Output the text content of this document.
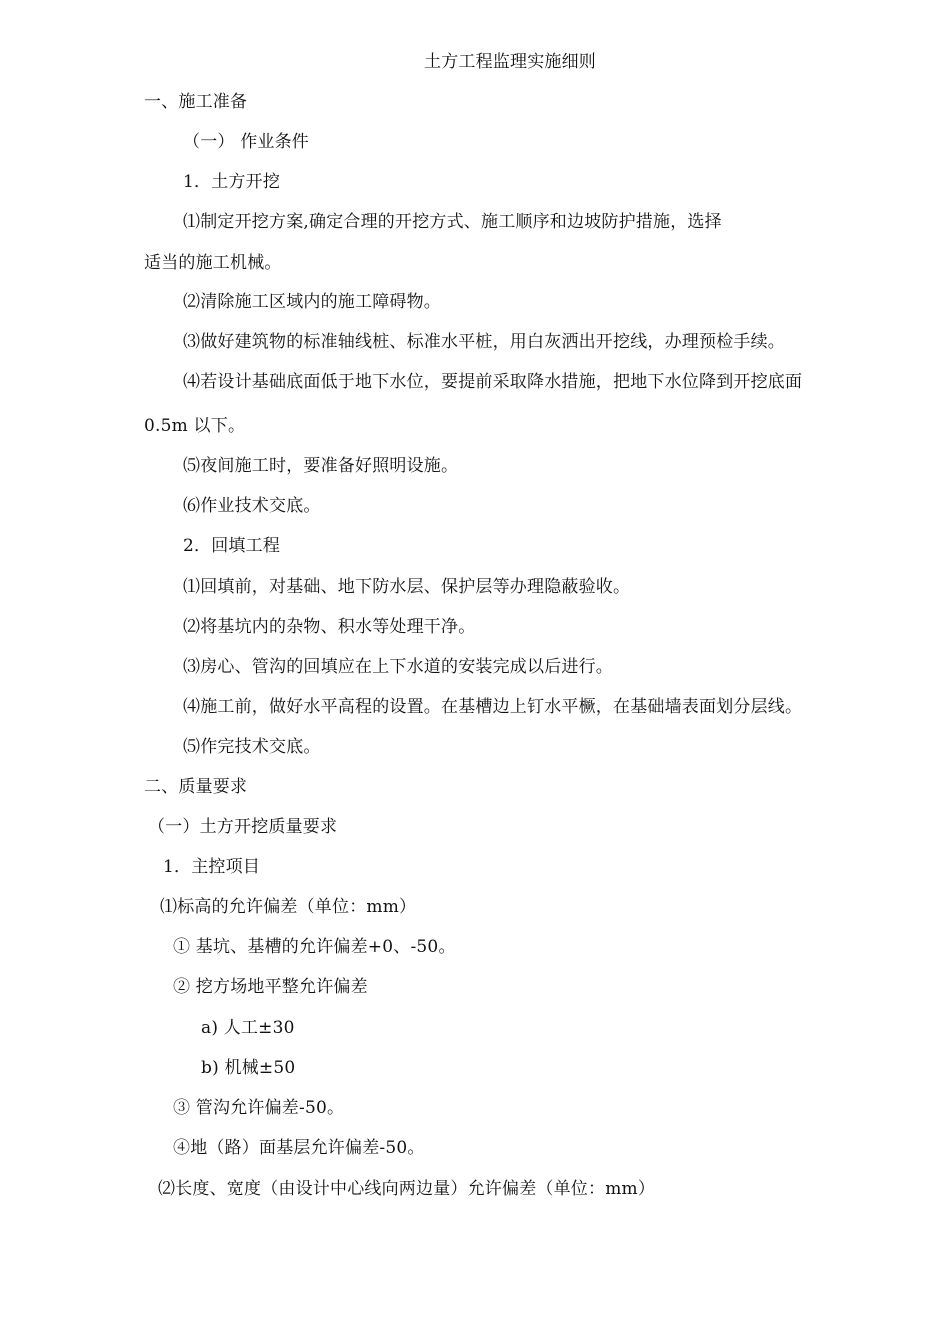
土方工程监理实施细则
一、施工准备
（一） 作业条件
1．土方开挖
⑴制定开挖方案,确定合理的开挖方式、施工顺序和边坡防护措施，选择
适当的施工机械。
⑵清除施工区域内的施工障碍物。
⑶做好建筑物的标准轴线桩、标准水平桩，用白灰洒出开挖线，办理预检手续。
⑷若设计基础底面低于地下水位，要提前采取降水措施，把地下水位降到开挖底面
0.5m 以下。
⑸夜间施工时，要准备好照明设施。
⑹作业技术交底。
2．回填工程
⑴回填前，对基础、地下防水层、保护层等办理隐蔽验收。
⑵将基坑内的杂物、积水等处理干净。
⑶房心、管沟的回填应在上下水道的安装完成以后进行。
⑷施工前，做好水平高程的设置。在基槽边上钉水平橛，在基础墙表面划分层线。
⑸作完技术交底。
二、质量要求
（一）土方开挖质量要求
1．主控项目
⑴标高的允许偏差（单位：mm）
① 基坑、基槽的允许偏差+0、-50。
② 挖方场地平整允许偏差
a) 人工±30
b) 机械±50
③ 管沟允许偏差-50。
④地（路）面基层允许偏差-50。
⑵长度、宽度（由设计中心线向两边量）允许偏差（单位：mm）
